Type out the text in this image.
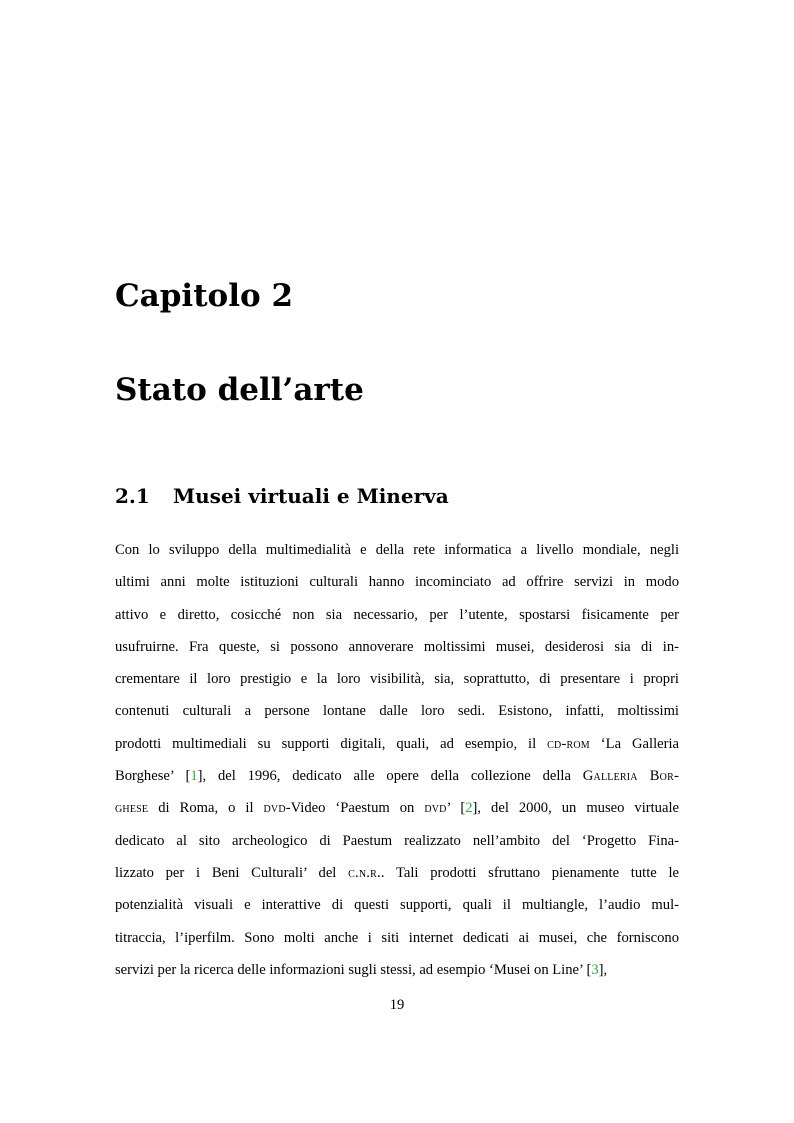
Capitolo 2
Stato dell’arte
2.1 Musei virtuali e Minerva
Con lo sviluppo della multimedialità e della rete informatica a livello mondiale, negli
ultimi anni molte istituzioni culturali hanno incominciato ad offrire servizi in modo
attivo e diretto, cosicché non sia necessario, per l’utente, spostarsi fisicamente per
usufruirne. Fra queste, si possono annoverare moltissimi musei, desiderosi sia di in-
crementare il loro prestigio e la loro visibilità, sia, soprattutto, di presentare i propri
contenuti culturali a persone lontane dalle loro sedi. Esistono, infatti, moltissimi
prodotti multimediali su supporti digitali, quali, ad esempio, il cd-rom ‘La Galleria
Borghese’ [1], del 1996, dedicato alle opere della collezione della Galleria Bor-
ghese di Roma, o il dvd-Video ‘Paestum on dvd’ [2], del 2000, un museo virtuale
dedicato al sito archeologico di Paestum realizzato nell’ambito del ‘Progetto Fina-
lizzato per i Beni Culturali’ del c.n.r.. Tali prodotti sfruttano pienamente tutte le
potenzialità visuali e interattive di questi supporti, quali il multiangle, l’audio mul-
titraccia, l’iperfilm. Sono molti anche i siti internet dedicati ai musei, che forniscono
servizi per la ricerca delle informazioni sugli stessi, ad esempio ‘Musei on Line’ [3],

19
